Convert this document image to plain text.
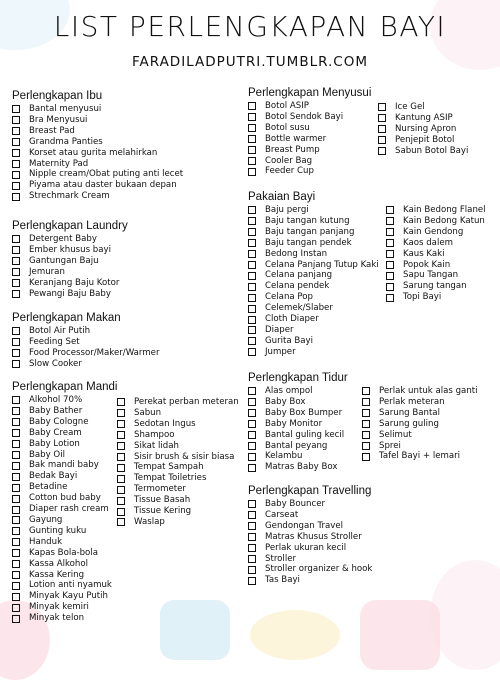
LIST PERLENGKAPAN BAYI
FARADILADPUTRI.TUMBLR.COM
Perlengkapan Ibu
Bantal menyusui
Bra Menyusui
Breast Pad
Grandma Panties
Korset atau gurita melahirkan
Maternity Pad
Nipple cream/Obat puting anti lecet
Piyama atau daster bukaan depan
Strechmark Cream
Perlengkapan Laundry
Detergent Baby
Ember khusus bayi
Gantungan Baju
Jemuran
Keranjang Baju Kotor
Pewangi Baju Baby
Perlengkapan Makan
Botol Air Putih
Feeding Set
Food Processor/Maker/Warmer
Slow Cooker
Perlengkapan Mandi
Alkohol 70%
Baby Bather
Baby Cologne
Baby Cream
Baby Lotion
Baby Oil
Bak mandi baby
Bedak Bayi
Betadine
Cotton bud baby
Diaper rash cream
Gayung
Gunting kuku
Handuk
Kapas Bola-bola
Kassa Alkohol
Kassa Kering
Lotion anti nyamuk
Minyak Kayu Putih
Minyak kemiri
Minyak telon
Perekat perban meteran
Sabun
Sedotan Ingus
Shampoo
Sikat lidah
Sisir brush & sisir biasa
Tempat Sampah
Tempat Toiletries
Termometer
Tissue Basah
Tissue Kering
Waslap
Perlengkapan Menyusui
Botol ASIP
Botol Sendok Bayi
Botol susu
Bottle warmer
Breast Pump
Cooler Bag
Feeder Cup
Ice Gel
Kantung ASIP
Nursing Apron
Penjepit Botol
Sabun Botol Bayi
Pakaian Bayi
Baju pergi
Baju tangan kutung
Baju tangan panjang
Baju tangan pendek
Bedong Instan
Celana Panjang Tutup Kaki
Celana panjang
Celana pendek
Celana Pop
Celemek/Slaber
Cloth Diaper
Diaper
Gurita Bayi
Jumper
Kain Bedong Flanel
Kain Bedong Katun
Kain Gendong
Kaos dalem
Kaus Kaki
Popok Kain
Sapu Tangan
Sarung tangan
Topi Bayi
Perlengkapan Tidur
Alas ompol
Baby Box
Baby Box Bumper
Baby Monitor
Bantal guling kecil
Bantal peyang
Kelambu
Matras Baby Box
Perlak untuk alas ganti
Perlak meteran
Sarung Bantal
Sarung guling
Selimut
Sprei
Tafel Bayi + lemari
Perlengkapan Travelling
Baby Bouncer
Carseat
Gendongan Travel
Matras Khusus Stroller
Perlak ukuran kecil
Stroller
Stroller organizer & hook
Tas Bayi
